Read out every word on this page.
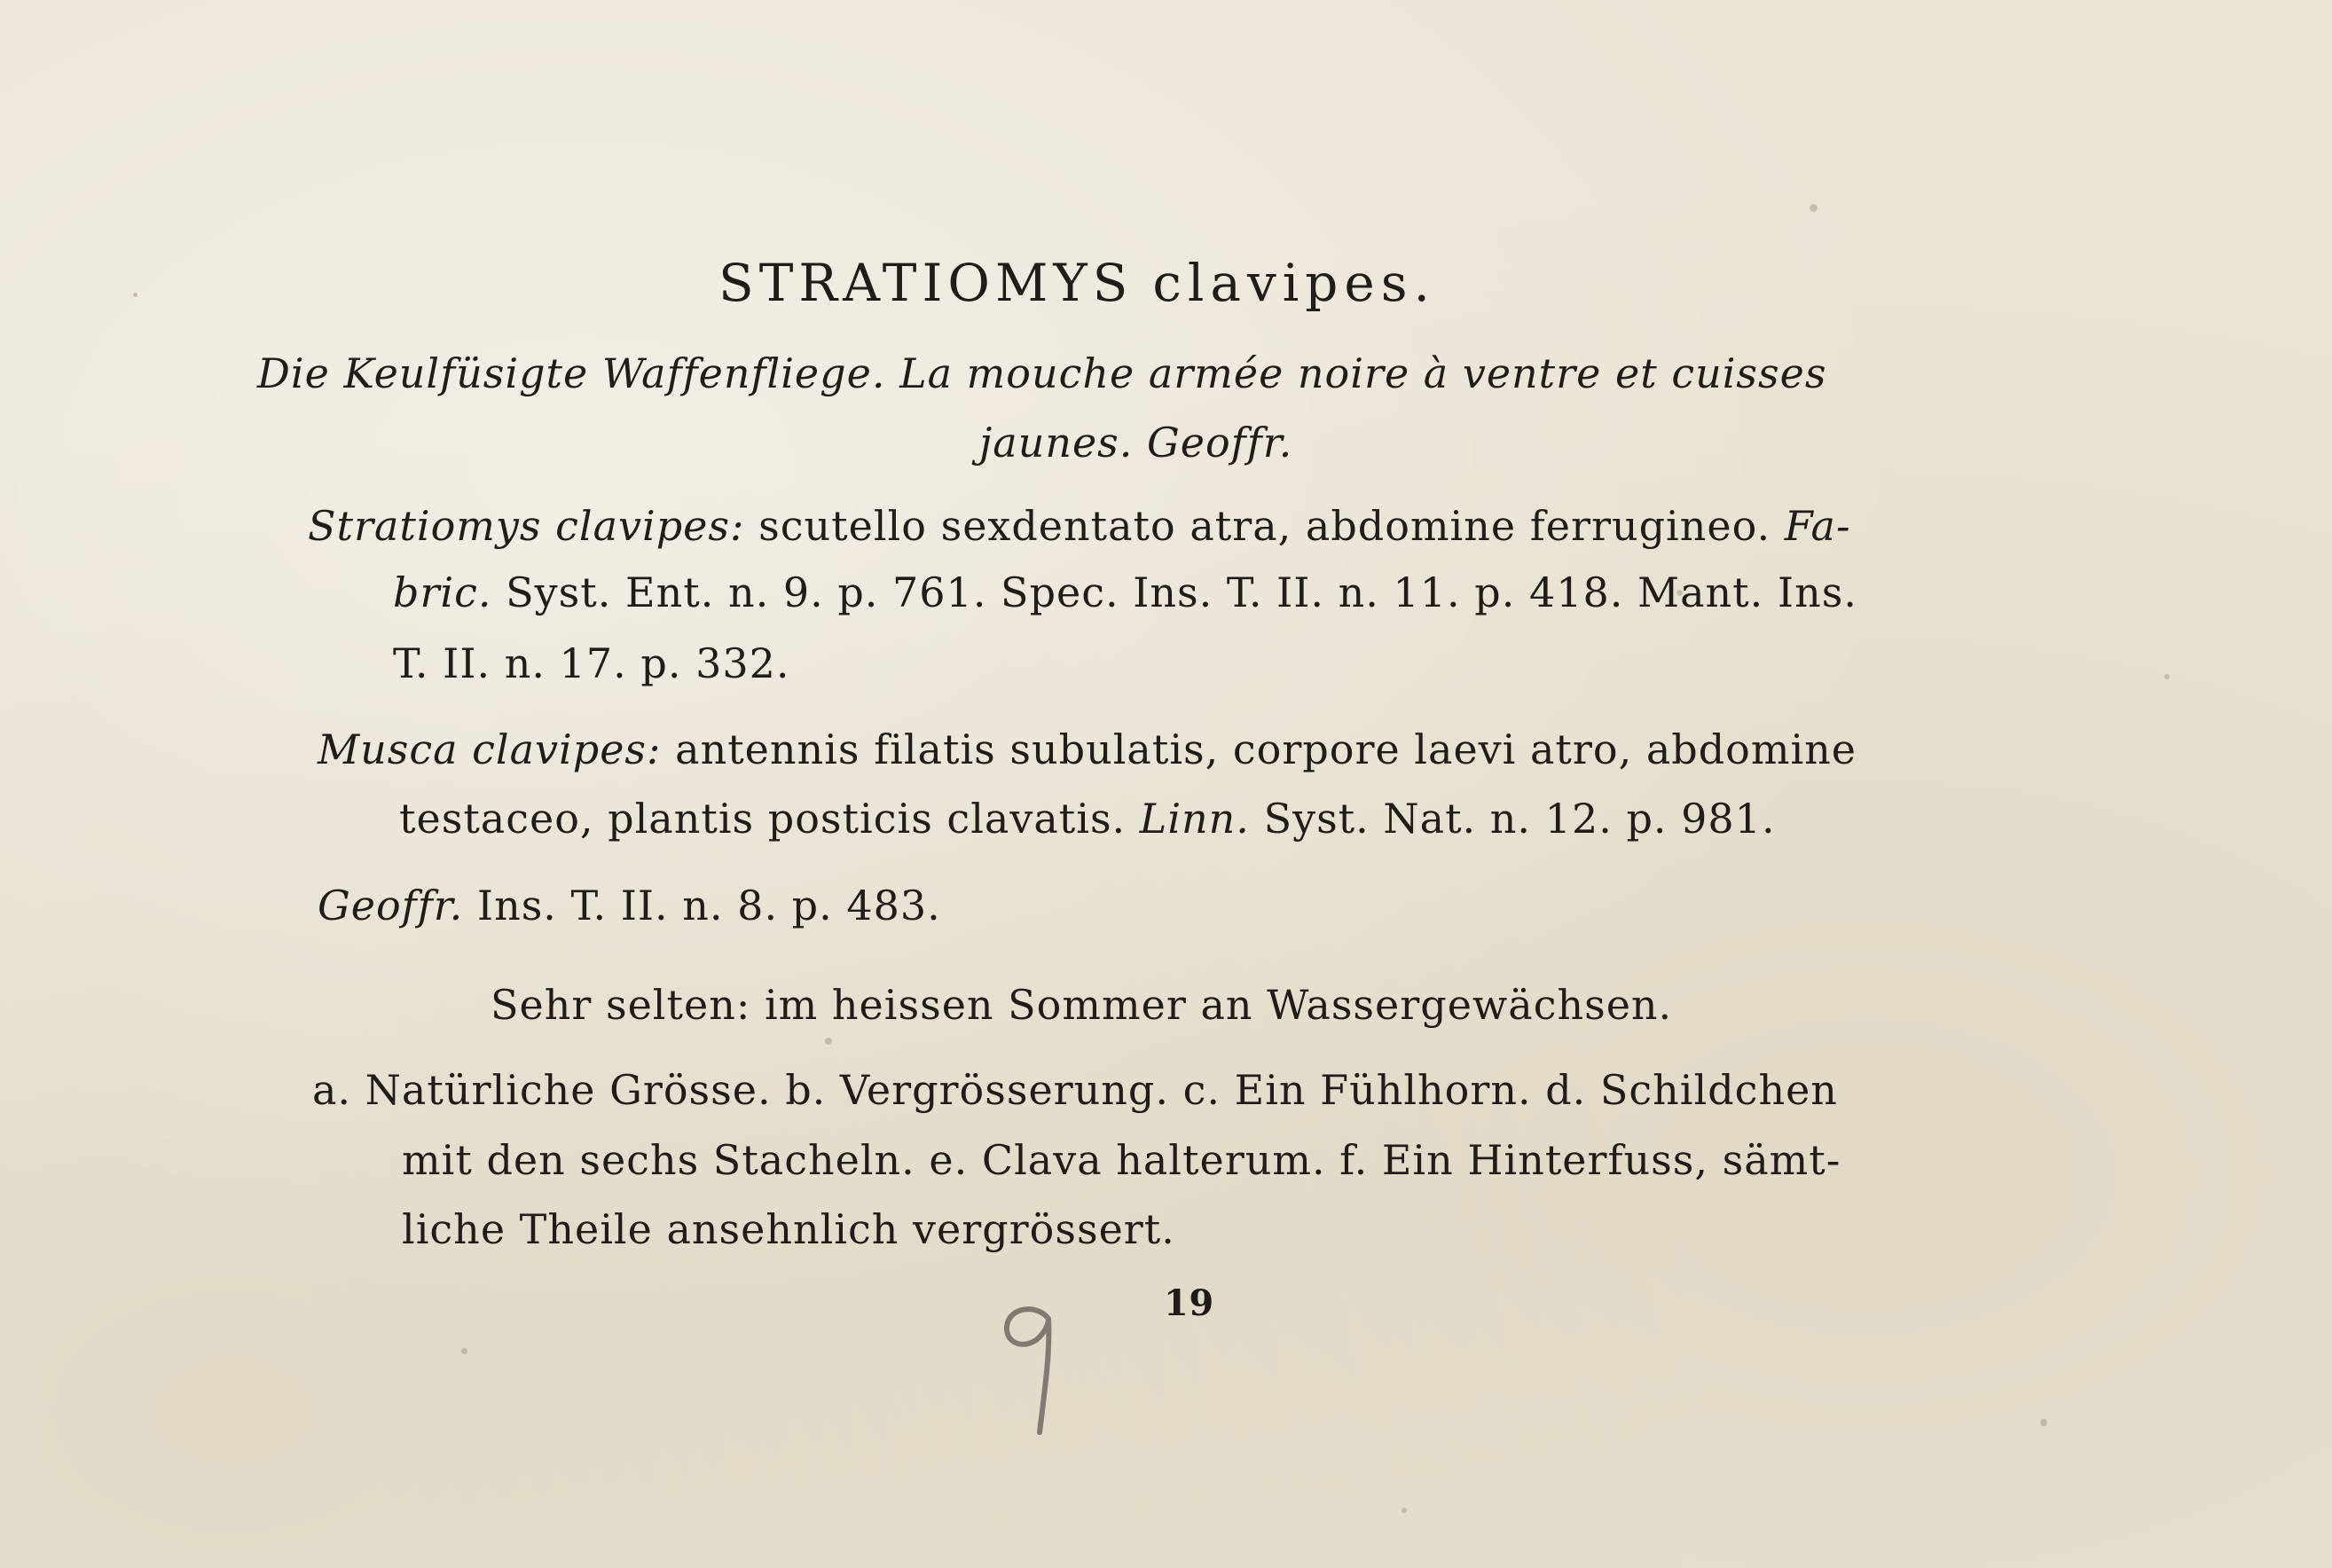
STRATIOMYS clavipes.
Die Keulfüsigte Waffenfliege. La mouche armée noire à ventre et cuisses
jaunes. Geoffr.
Stratiomys clavipes: scutello sexdentato atra, abdomine ferrugineo. Fa-
bric. Syst. Ent. n. 9. p. 761. Spec. Ins. T. II. n. 11. p. 418. Mant. Ins.
T. II. n. 17. p. 332.
Musca clavipes: antennis filatis subulatis, corpore laevi atro, abdomine
testaceo, plantis posticis clavatis. Linn. Syst. Nat. n. 12. p. 981.
Geoffr. Ins. T. II. n. 8. p. 483.
Sehr selten: im heissen Sommer an Wassergewächsen.
a. Natürliche Grösse. b. Vergrösserung. c. Ein Fühlhorn. d. Schildchen
mit den sechs Stacheln. e. Clava halterum. f. Ein Hinterfuss, sämt-
liche Theile ansehnlich vergrössert.
19
